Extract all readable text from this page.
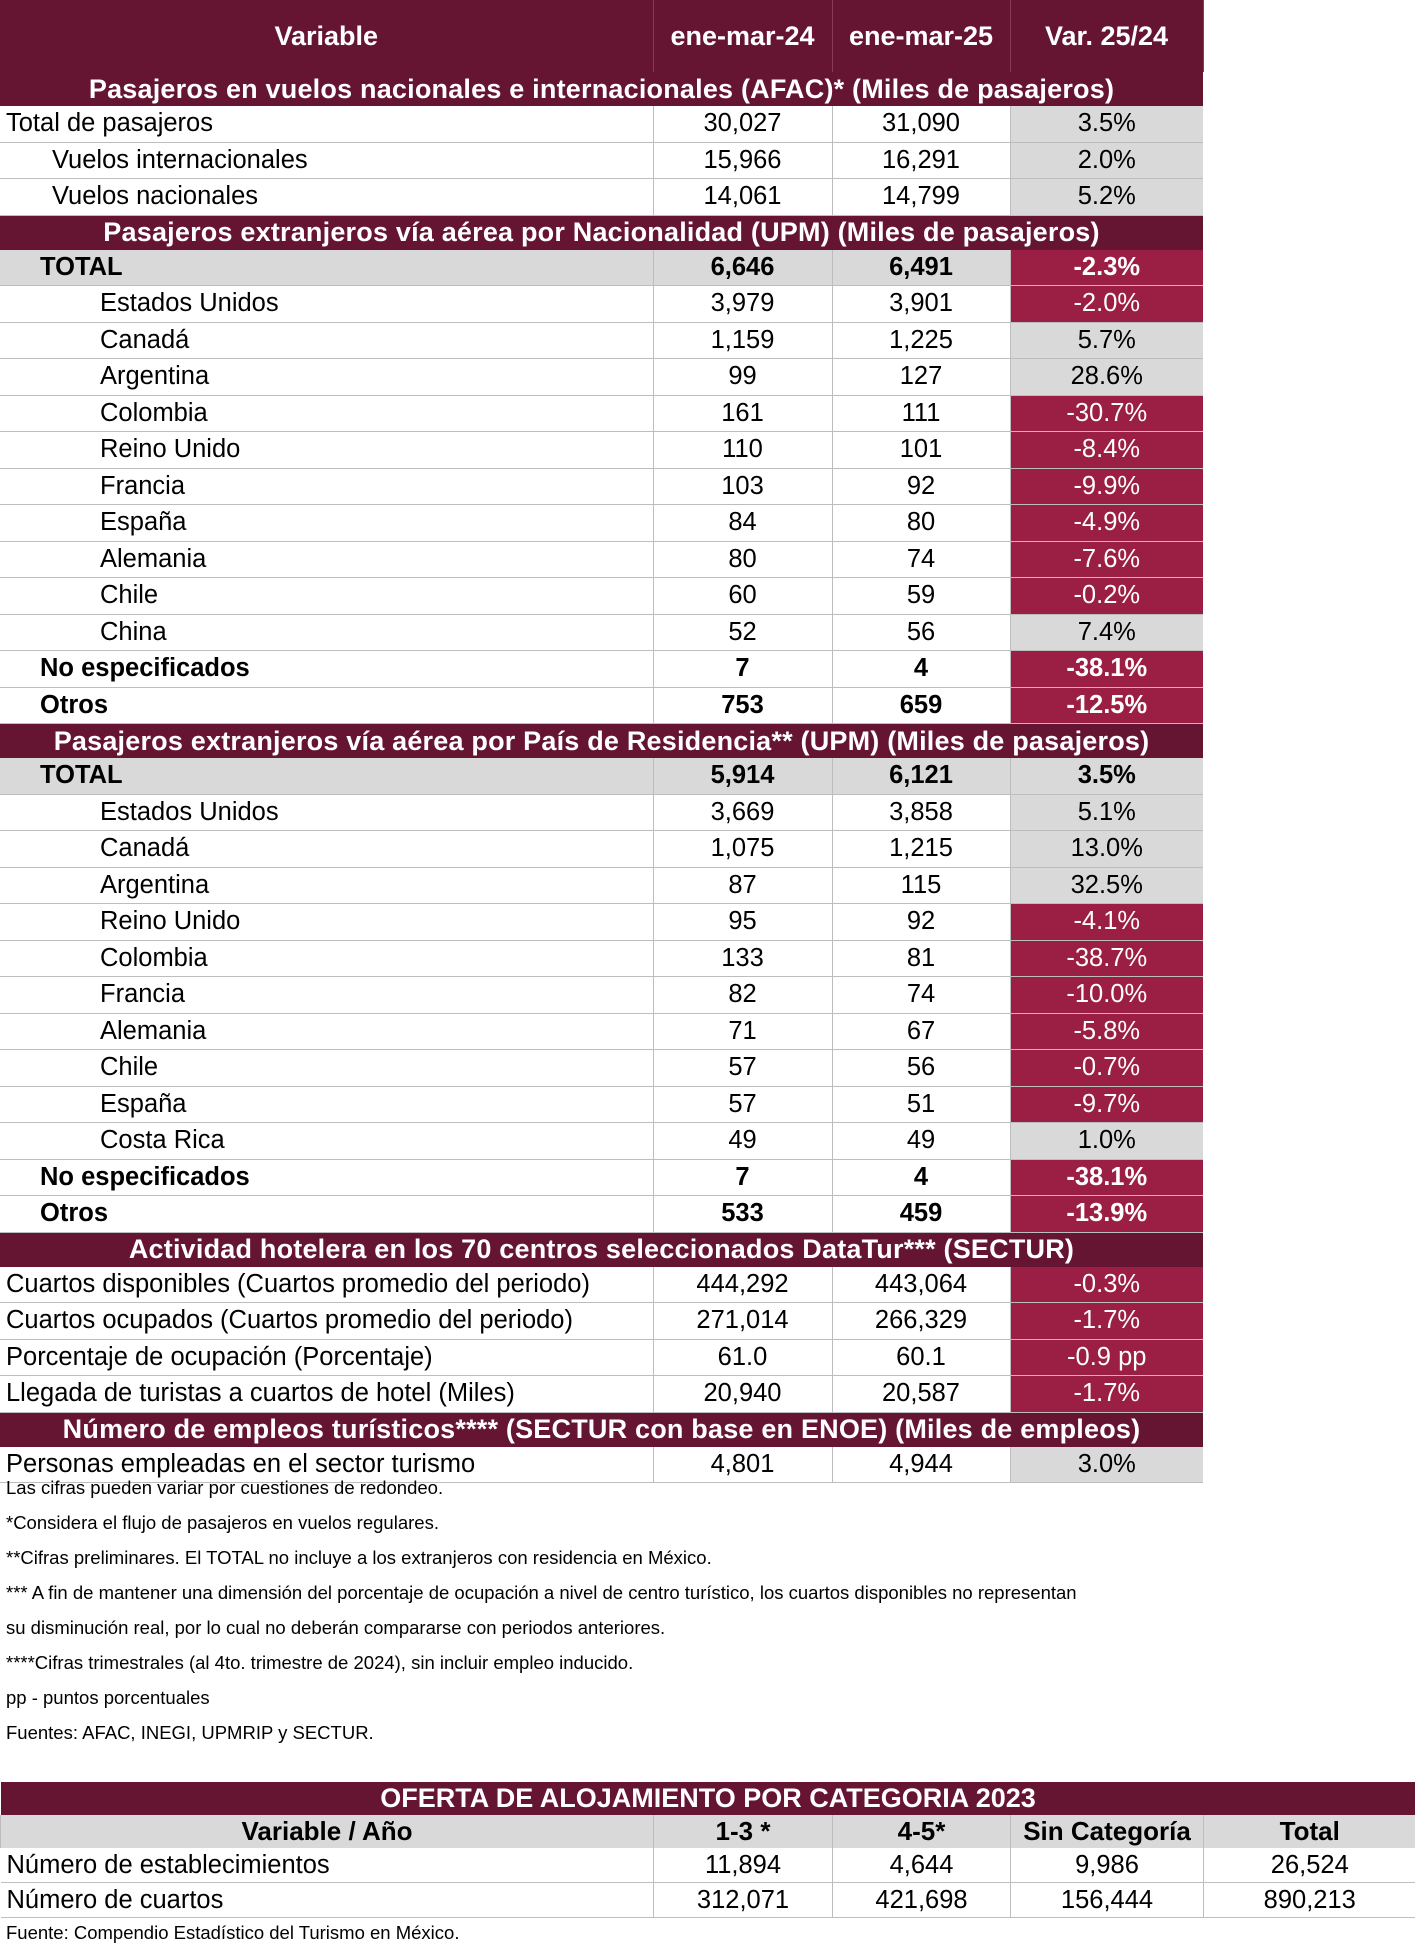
Variable	ene-mar-24	ene-mar-25	Var. 25/24
Pasajeros en vuelos nacionales e internacionales (AFAC)* (Miles de pasajeros)			
Total de pasajeros	30,027	31,090	3.5%
Vuelos internacionales	15,966	16,291	2.0%
Vuelos nacionales	14,061	14,799	5.2%
Pasajeros extranjeros vía aérea por Nacionalidad (UPM) (Miles de pasajeros)			
TOTAL	6,646	6,491	-2.3%
Estados Unidos	3,979	3,901	-2.0%
Canadá	1,159	1,225	5.7%
Argentina	99	127	28.6%
Colombia	161	111	-30.7%
Reino Unido	110	101	-8.4%
Francia	103	92	-9.9%
España	84	80	-4.9%
Alemania	80	74	-7.6%
Chile	60	59	-0.2%
China	52	56	7.4%
No especificados	7	4	-38.1%
Otros	753	659	-12.5%
Pasajeros extranjeros vía aérea por País de Residencia** (UPM) (Miles de pasajeros)			
TOTAL	5,914	6,121	3.5%
Estados Unidos	3,669	3,858	5.1%
Canadá	1,075	1,215	13.0%
Argentina	87	115	32.5%
Reino Unido	95	92	-4.1%
Colombia	133	81	-38.7%
Francia	82	74	-10.0%
Alemania	71	67	-5.8%
Chile	57	56	-0.7%
España	57	51	-9.7%
Costa Rica	49	49	1.0%
No especificados	7	4	-38.1%
Otros	533	459	-13.9%
Actividad hotelera en los 70 centros seleccionados DataTur*** (SECTUR)			
Cuartos disponibles (Cuartos promedio del periodo)	444,292	443,064	-0.3%
Cuartos ocupados (Cuartos promedio del periodo)	271,014	266,329	-1.7%
Porcentaje de ocupación (Porcentaje)	61.0	60.1	-0.9 pp
Llegada de turistas a cuartos de hotel (Miles)	20,940	20,587	-1.7%
Número de empleos turísticos**** (SECTUR con base en ENOE) (Miles de empleos)			
Personas empleadas en el sector turismo	4,801	4,944	3.0%
Las cifras pueden variar por cuestiones de redondeo.
*Considera el flujo de pasajeros en vuelos regulares.
**Cifras preliminares. El TOTAL no incluye a los extranjeros con residencia en México.
*** A fin de mantener una dimensión del porcentaje de ocupación a nivel de centro turístico, los cuartos disponibles no representan
su disminución real, por lo cual no deberán compararse con periodos anteriores.
****Cifras trimestrales (al 4to. trimestre de 2024), sin incluir empleo inducido.
pp - puntos porcentuales
Fuentes: AFAC, INEGI, UPMRIP y SECTUR.
OFERTA DE ALOJAMIENTO POR CATEGORIA 2023				
Variable / Año	1-3 *	4-5*	Sin Categoría	Total
Número de establecimientos	11,894	4,644	9,986	26,524
Número de cuartos	312,071	421,698	156,444	890,213
Fuente: Compendio Estadístico del Turismo en México.
